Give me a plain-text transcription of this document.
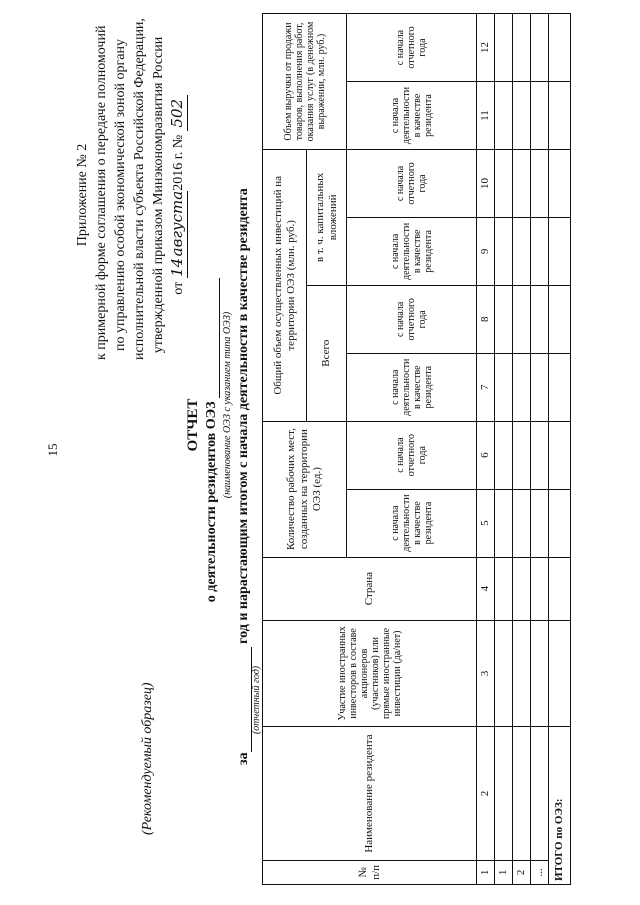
15
Приложение № 2 к примерной форме соглашения о передаче полномочий по управлению особой экономической зоной органу исполнительной власти субъекта Российской Федерации, утвержденной приказом Минэкономразвития России от 14августа2016 г. № 502
(Рекомендуемый образец)
ОТЧЕТ о деятельности резидентов ОЭЗ (наименование ОЭЗ с указанием типа ОЭЗ)
за  год и нарастающим итогом с начала деятельности в качестве резидента
(отчетный год)
№ п/п	Наименование резидента	Участие иностранных инвесторов в составе акционеров (участников) или прямые иностранные инвестиции (да/нет)	Страна	Количество рабочих мест, созданных на территории ОЭЗ (ед.)		Общий объем осуществленных инвестиций на территории ОЭЗ (млн. руб.)				Объем выручки от продажи товаров, выполнения работ, оказания услуг (в денежном выражении, млн. руб.)	
						Всего		в т. ч. капитальных вложений			
				с начала деятельности в качестве резидента	с начала отчетного года	с начала деятельности в качестве резидента	с начала отчетного года	с начала деятельности в качестве резидента	с начала отчетного года	с начала деятельности в качестве резидента	с начала отчетного года
1	2	3	4	5	6	7	8	9	10	11	12
1											
2											
...											
ИТОГО по ОЭЗ:											
